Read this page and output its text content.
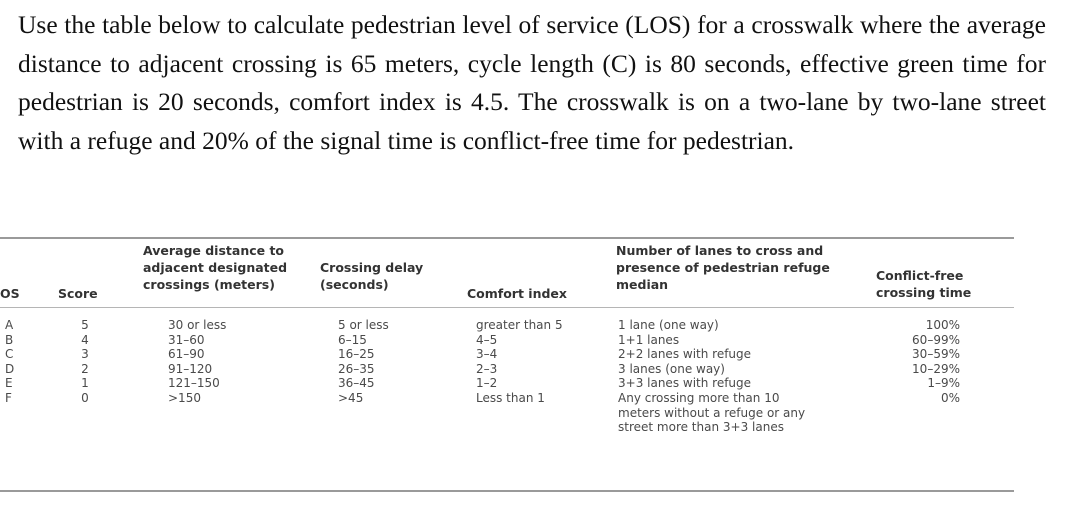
Use the table below to calculate pedestrian level of service (LOS) for a crosswalk where the average distance to adjacent crossing is 65 meters, cycle length (C) is 80 seconds, effective green time for pedestrian is 20 seconds, comfort index is 4.5. The crosswalk is on a two-lane by two-lane street with a refuge and 20% of the signal time is conflict-free time for pedestrian.
OS	Score
Average distance to adjacent designated crossings (meters)
Crossing delay (seconds)
Comfort index
Number of lanes to cross and presence of pedestrian refuge median
Conflict-free crossing time
A
B
C
D
E
F
5
4
3
2
1
0
30 or less
31–60
61–90
91–120
121–150
>150
5 or less
6–15
16–25
26–35
36–45
>45
greater than 5
4–5
3–4
2–3
1–2
Less than 1
1 lane (one way)
1+1 lanes
2+2 lanes with refuge
3 lanes (one way)
3+3 lanes with refuge
Any crossing more than 10
meters without a refuge or any
street more than 3+3 lanes
100%
60–99%
30–59%
10–29%
1–9%
0%
